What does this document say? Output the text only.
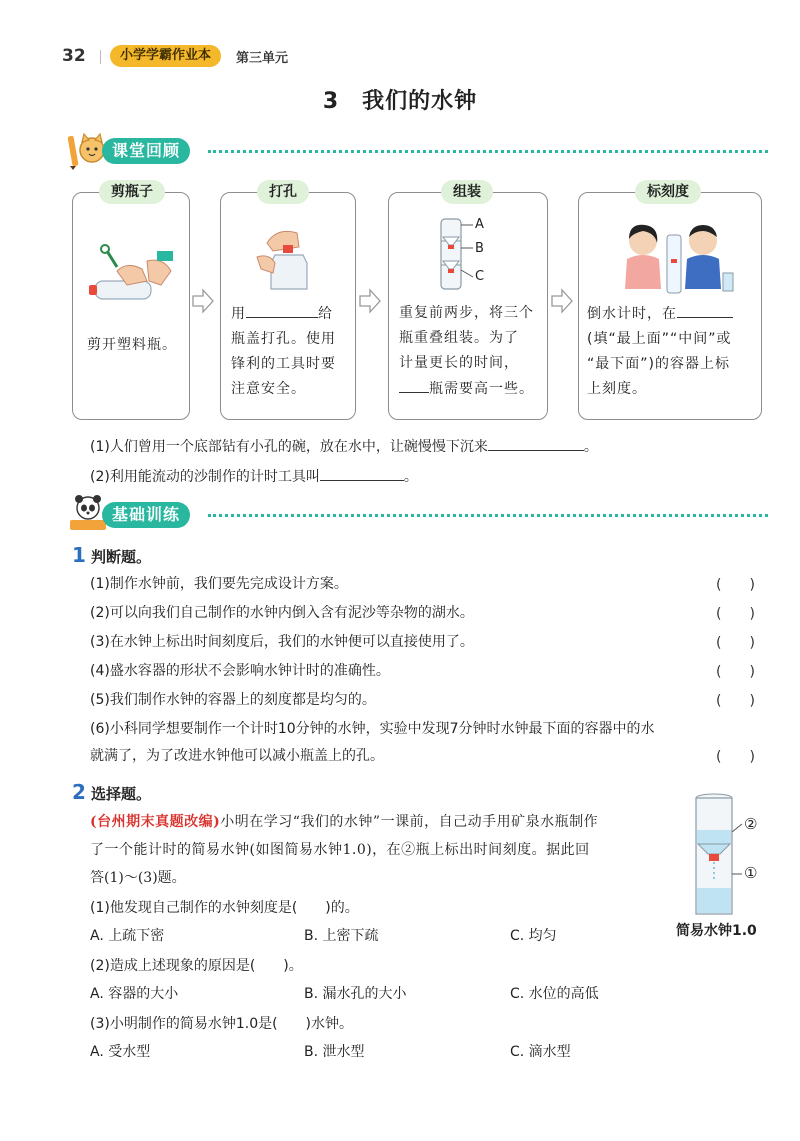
32	小学学霸作业本	第三单元
3　我们的水钟
课堂回顾
剪瓶子
剪开塑料瓶。
打孔
用	给
瓶盖打孔。使用
锋利的工具时要
注意安全。
组装
A
B
C
重复前两步，将三个
瓶重叠组装。为了
计量更长的时间，
瓶需要高一些。
标刻度
倒水计时，在
(填“最上面”“中间”或
“最下面”)的容器上标
上刻度。
(1)人们曾用一个底部钻有小孔的碗，放在水中，让碗慢慢下沉来	。
(2)利用能流动的沙制作的计时工具叫	。
基础训练
1 判断题。
(1)制作水钟前，我们要先完成设计方案。	(　　)
(2)可以向我们自己制作的水钟内倒入含有泥沙等杂物的湖水。	(　　)
(3)在水钟上标出时间刻度后，我们的水钟便可以直接使用了。	(　　)
(4)盛水容器的形状不会影响水钟计时的准确性。	(　　)
(5)我们制作水钟的容器上的刻度都是均匀的。	(　　)
(6)小科同学想要制作一个计时10分钟的水钟，实验中发现7分钟时水钟最下面的容器中的水
就满了，为了改进水钟他可以减小瓶盖上的孔。	(　　)
2 选择题。
(台州期末真题改编)小明在学习“我们的水钟”一课前，自己动手用矿泉水瓶制作
了一个能计时的简易水钟(如图简易水钟1.0)，在②瓶上标出时间刻度。据此回
答(1)～(3)题。
②
①
简易水钟1.0
(1)他发现自己制作的水钟刻度是(　　)的。
A. 上疏下密	B. 上密下疏	C. 均匀
(2)造成上述现象的原因是(　　)。
A. 容器的大小	B. 漏水孔的大小	C. 水位的高低
(3)小明制作的简易水钟1.0是(　　)水钟。
A. 受水型	B. 泄水型	C. 滴水型
